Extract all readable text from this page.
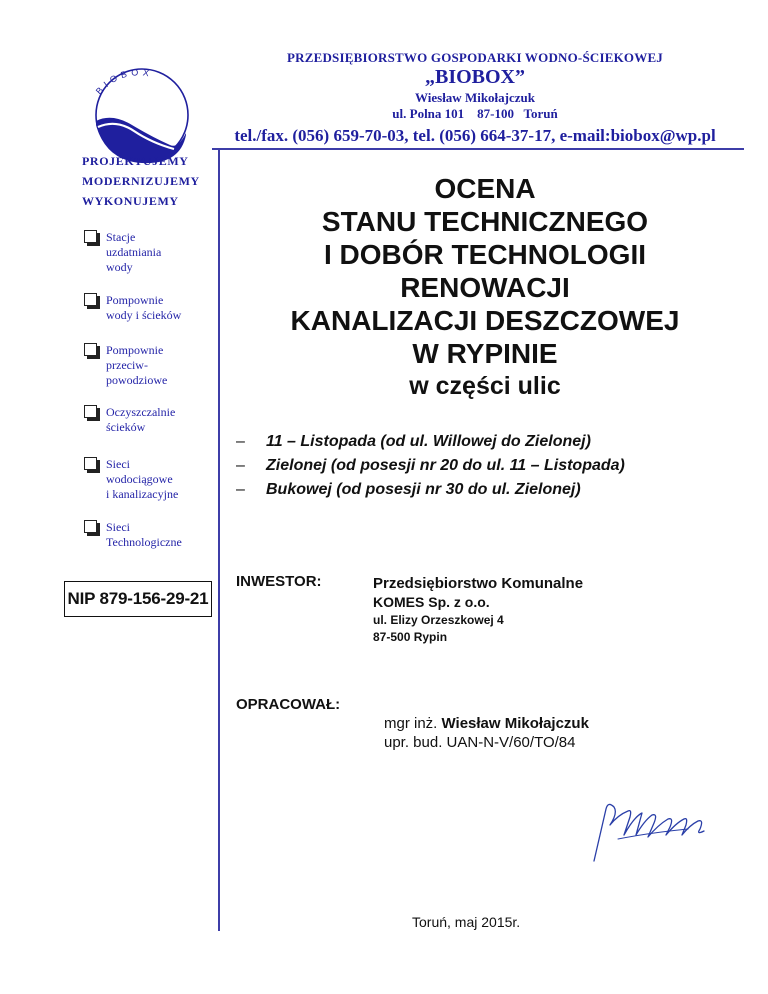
PRZEDSIĘBIORSTWO GOSPODARKI WODNO-ŚCIEKOWEJ
„BIOBOX”
Wiesław Mikołajczuk
ul. Polna 101    87-100   Toruń
tel./fax. (056) 659-70-03, tel. (056) 664-37-17, e-mail:biobox@wp.pl
BIOBOX
PROJEKTUJEMY
MODERNIZUJEMY
WYKONUJEMY
Stacje
uzdatniania
wody
Pompownie
wody i ścieków
Pompownie
przeciw-
powodziowe
Oczyszczalnie
ścieków
Sieci
wodociągowe
i kanalizacyjne
Sieci
Technologiczne
NIP 879-156-29-21
OCENA
STANU TECHNICZNEGO
I DOBÓR TECHNOLOGII
RENOWACJI
KANALIZACJI DESZCZOWEJ
W RYPINIE
w części ulic
– 11 – Listopada (od ul. Willowej do Zielonej)
– Zielonej (od posesji nr 20 do ul. 11 – Listopada)
– Bukowej (od posesji nr 30 do ul. Zielonej)
INWESTOR:	Przedsiębiorstwo Komunalne
KOMES Sp. z o.o.
ul. Elizy Orzeszkowej 4
87-500 Rypin
OPRACOWAŁ:
mgr inż. Wiesław Mikołajczuk
upr. bud. UAN-N-V/60/TO/84
Toruń, maj 2015r.
